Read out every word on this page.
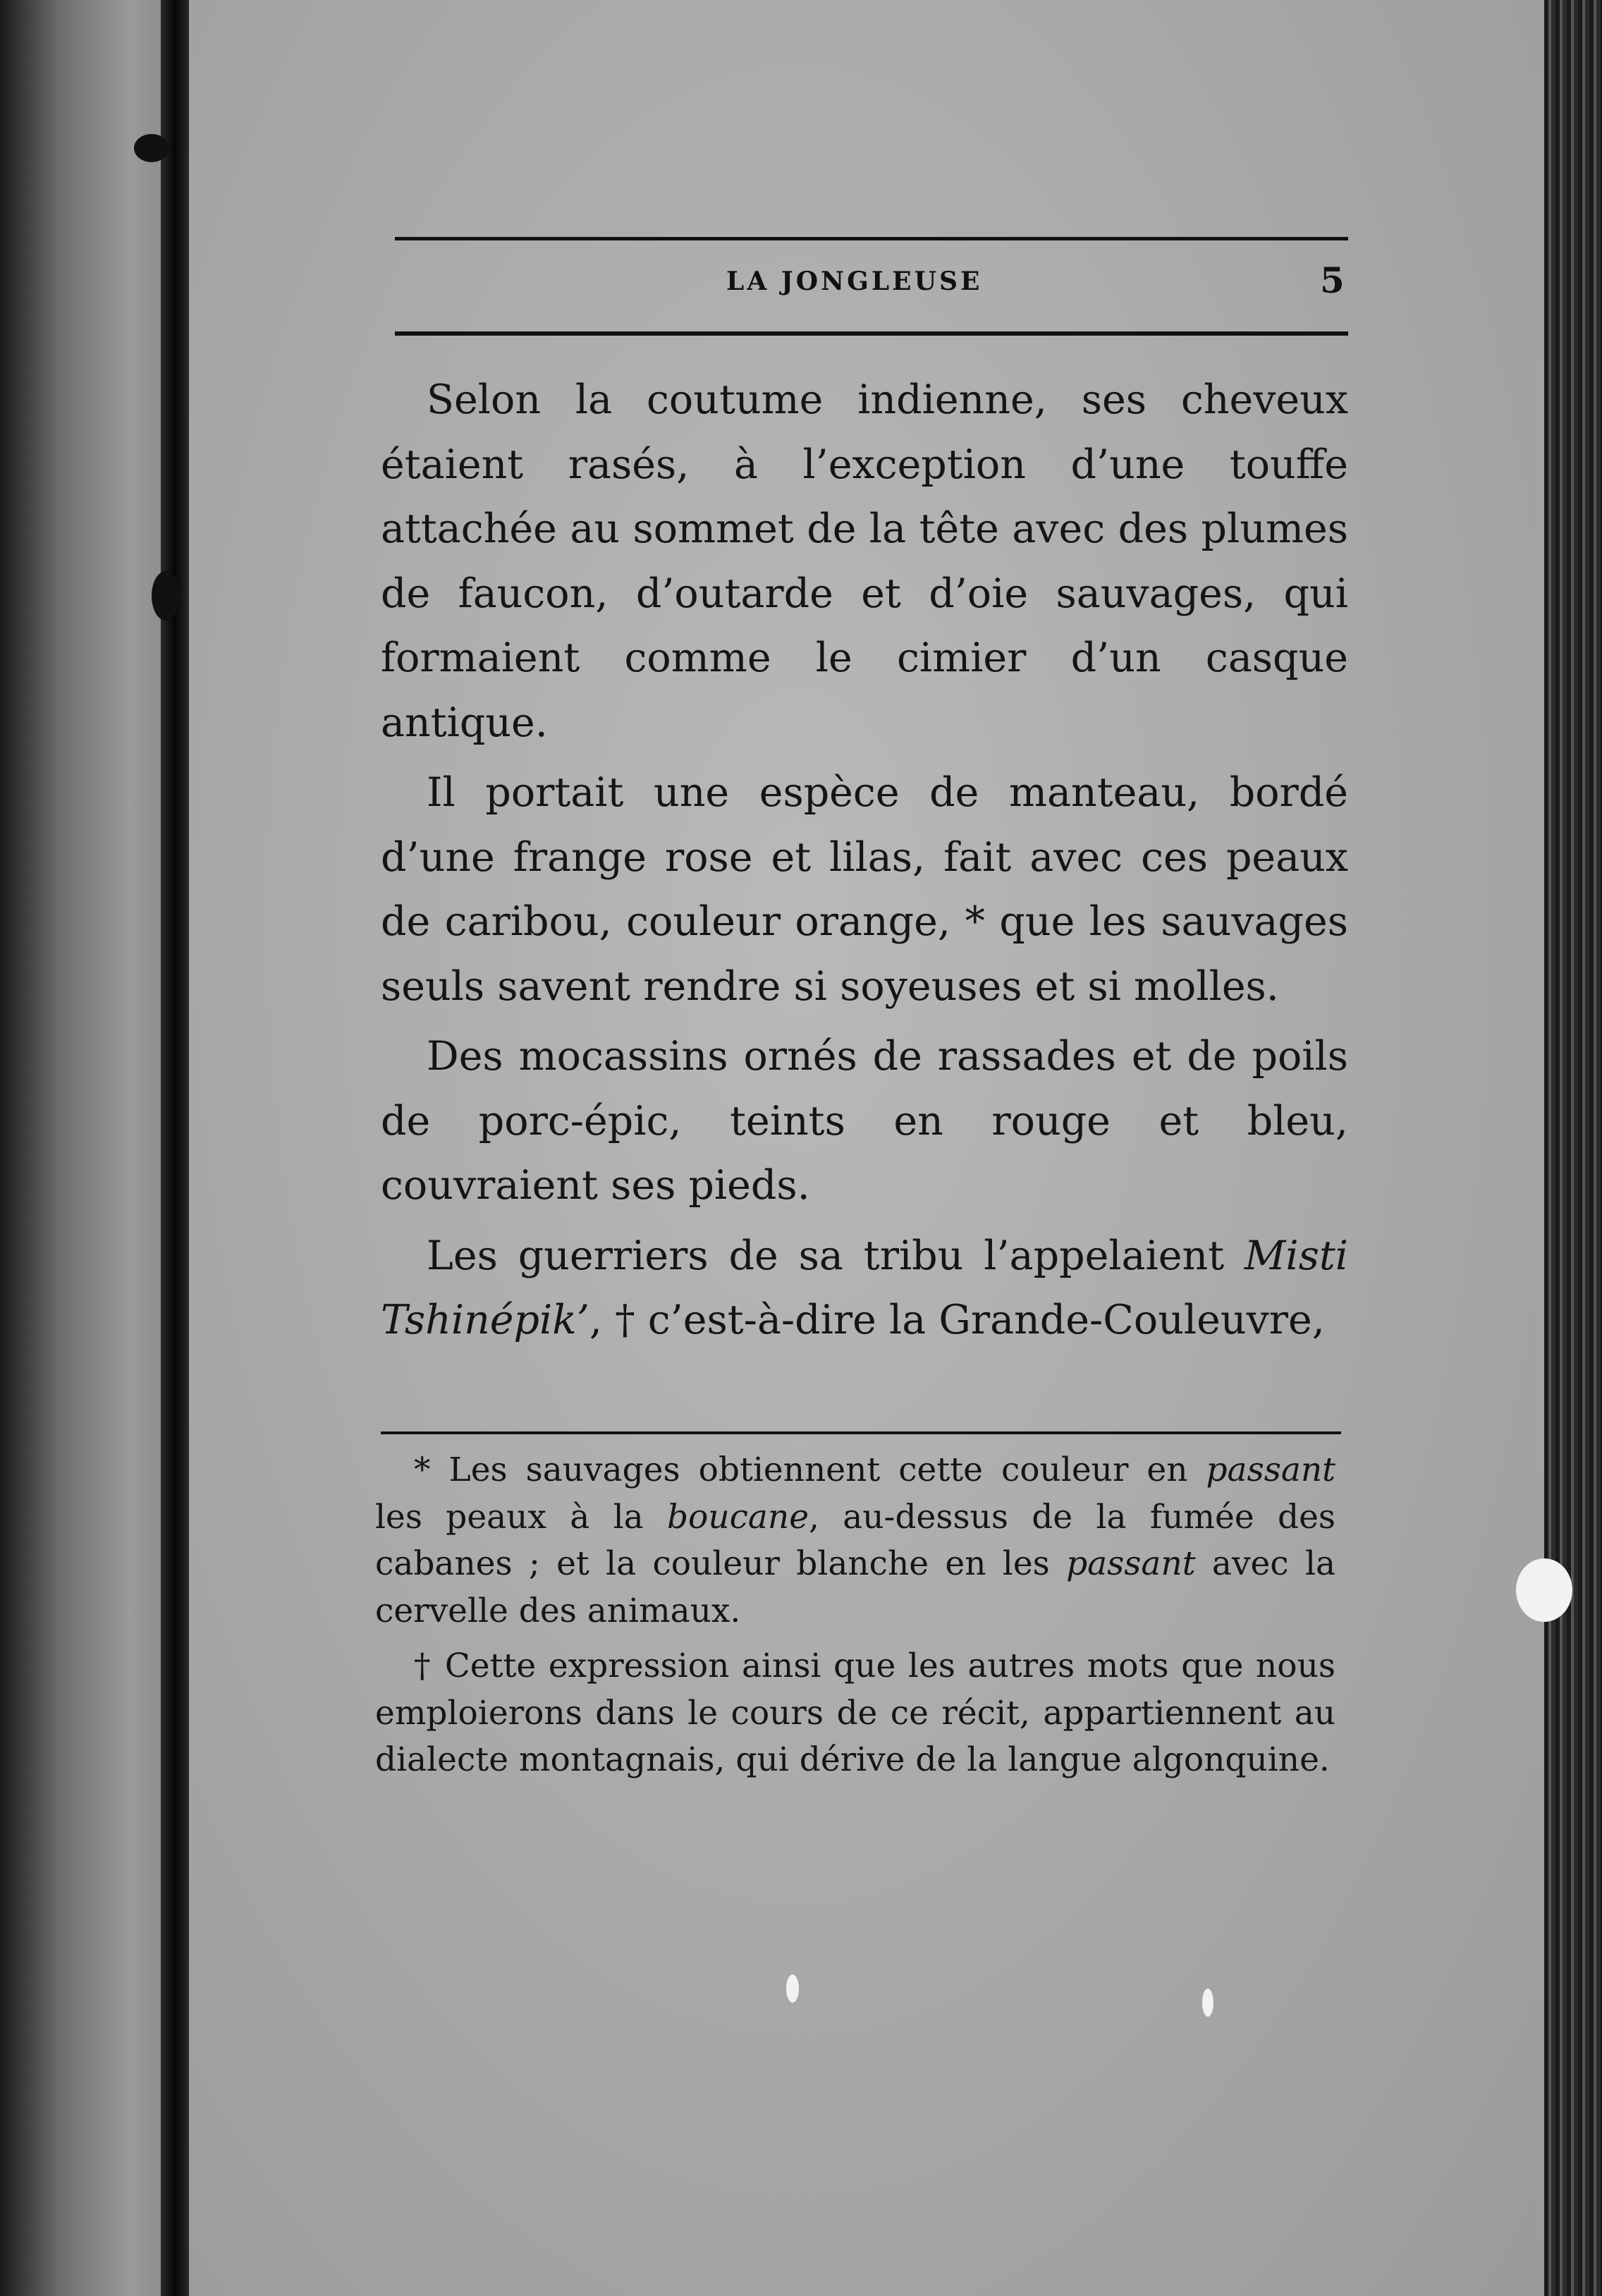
LA JONGLEUSE	5

Selon la coutume indienne, ses cheveux étaient rasés, à l’exception d’une touffe attachée au sommet de la tête avec des plumes de faucon, d’outarde et d’oie sauvages, qui formaient comme le cimier d’un casque antique.

Il portait une espèce de manteau, bordé d’une frange rose et lilas, fait avec ces peaux de caribou, couleur orange, * que les sauvages seuls savent rendre si soyeuses et si molles.

Des mocassins ornés de rassades et de poils de porc-épic, teints en rouge et bleu, couvraient ses pieds.

Les guerriers de sa tribu l’appelaient Misti Tshinépik’, † c’est-à-dire la Grande-Couleuvre,

* Les sauvages obtiennent cette couleur en passant les peaux à la boucane, au-dessus de la fumée des cabanes ; et la couleur blanche en les passant avec la cervelle des animaux.

† Cette expression ainsi que les autres mots que nous emploierons dans le cours de ce récit, appartiennent au dialecte montagnais, qui dérive de la langue algonquine.
